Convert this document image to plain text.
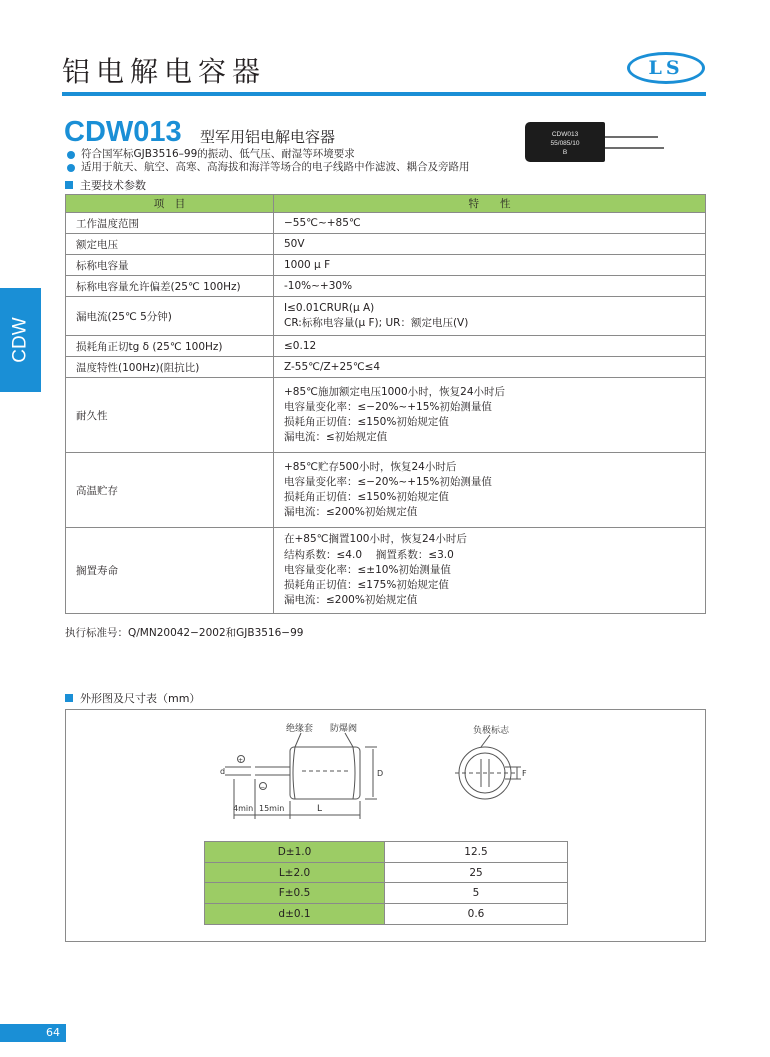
铝电解电容器	LS
CDW013 型军用铝电解电容器
符合国军标GJB3516–99的振动、低气压、耐湿等环境要求
适用于航天、航空、高寒、高海拔和海洋等场合的电子线路中作滤波、耦合及旁路用
CDW013
55/085/10
B
主要技术参数
项　目	特　　性
工作温度范围	−55℃~+85℃
额定电压	50V
标称电容量	1000 μ F
标称电容量允许偏差(25℃ 100Hz)	-10%~+30%
漏电流(25℃ 5分钟)	I≤0.01CRUR(μ A)
CR:标称电容量(μ F); UR：额定电压(V)

损耗角正切tg δ (25℃ 100Hz)	≤0.12
温度特性(100Hz)(阻抗比)	Z-55℃/Z+25℃≤4
耐久性	+85℃施加额定电压1000小时，恢复24小时后
电容量变化率：≤−20%~+15%初始测量值
损耗角正切值：≤150%初始规定值
漏电流：≤初始规定值

高温贮存	+85℃贮存500小时，恢复24小时后
电容量变化率：≤−20%~+15%初始测量值
损耗角正切值：≤150%初始规定值
漏电流：≤200%初始规定值

搁置寿命	在+85℃搁置100小时，恢复24小时后
结构系数：≤4.0　 搁置系数：≤3.0
电容量变化率：≤±10%初始测量值
损耗角正切值：≤175%初始规定值
漏电流：≤200%初始规定值
执行标准号：Q/MN20042−2002和GJB3516−99
外形图及尺寸表（mm）
+
−
d	D
4min 15min	L
绝缘套 防爆阀	负极标志
F
D±1.0	12.5
L±2.0	25
F±0.5	5
d±0.1	0.6
CDW
64
